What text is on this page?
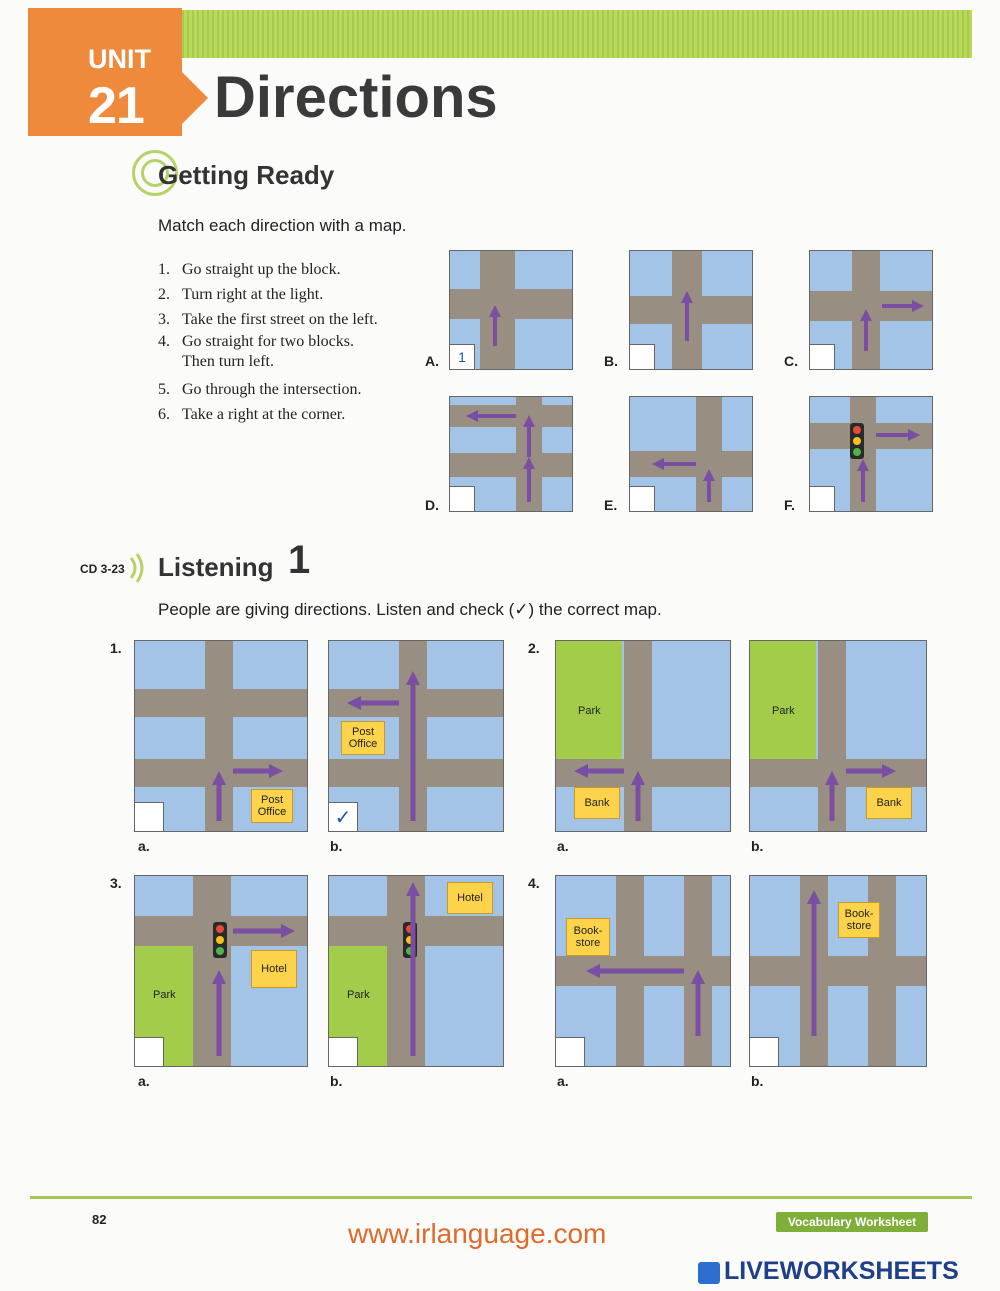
UNIT
21 Directions
Getting Ready
Match each direction with a map.
1. Go straight up the block.
2. Turn right at the light.
3. Take the first street on the left.
4. Go straight for two blocks. Then turn left.
5. Go through the intersection.
6. Take a right at the corner.
1
A.	B.	C.
D.	E.	F.
CD 3-23 Listening 1
People are giving directions. Listen and check (✓) the correct map.
1.
Post Office
a.
Post Office
✓
b.
2.
Park
Bank
a.
Park
Bank
b.
3.
Park
Hotel
a.
Park
Hotel
b.
4.
Book- store
a.
Book- store
b.
82	www.irlanguage.com	Vocabulary Worksheet
LIVEWORKSHEETS
